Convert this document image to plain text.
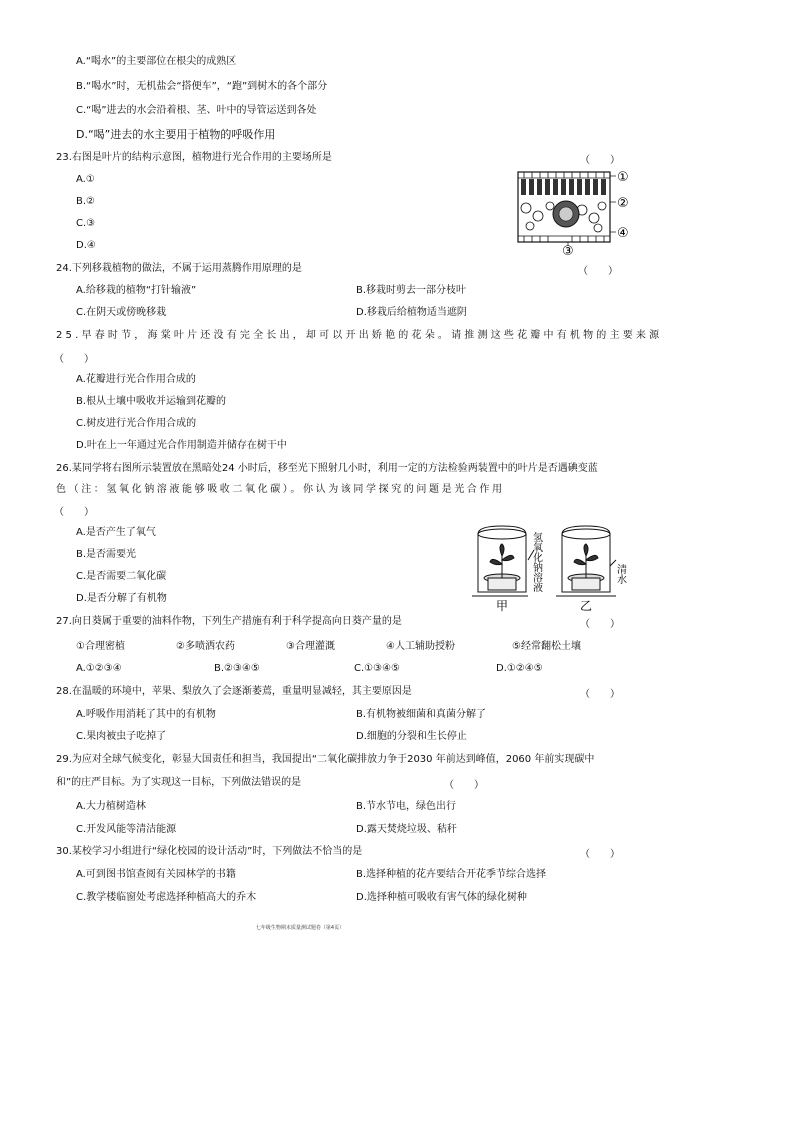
A.“喝水”的主要部位在根尖的成熟区
B.“喝水”时，无机盐会“搭便车”，“跑”到树木的各个部分
C.“喝”进去的水会沿着根、茎、叶中的导管运送到各处
D.“喝”进去的水主要用于植物的呼吸作用
23.右图是叶片的结构示意图，植物进行光合作用的主要场所是	（　　）
A.①
B.②
C.③
D.④
①
②
④
③
24.下列移栽植物的做法，不属于运用蒸腾作用原理的是	（　　）
A.给移栽的植物“打针输液”	B.移栽时剪去一部分枝叶
C.在阴天或傍晚移栽	D.移栽后给植物适当遮阴
25.早春时节，海棠叶片还没有完全长出，却可以开出娇艳的花朵。请推测这些花瓣中有机物的主要来源
（　　）
A.花瓣进行光合作用合成的
B.根从土壤中吸收并运输到花瓣的
C.树皮进行光合作用合成的
D.叶在上一年通过光合作用制造并储存在树干中
26.某同学将右图所示装置放在黑暗处24 小时后，移至光下照射几小时，利用一定的方法检验两装置中的叶片是否遇碘变蓝
色（注：氢氧化钠溶液能够吸收二氧化碳）。你认为该同学探究的问题是光合作用
（　　）
A.是否产生了氧气
B.是否需要光
C.是否需要二氧化碳
D.是否分解了有机物
甲	乙
氢氧化钠溶液	清水
27.向日葵属于重要的油料作物，下列生产措施有利于科学提高向日葵产量的是	（　　）
①合理密植	②多喷洒农药	③合理灌溉	④人工辅助授粉	⑤经常翻松土壤
A.①②③④	B.②③④⑤	C.①③④⑤	D.①②④⑤
28.在温暖的环境中，苹果、梨放久了会逐渐萎蔫，重量明显减轻，其主要原因是	（　　）
A.呼吸作用消耗了其中的有机物	B.有机物被细菌和真菌分解了
C.果肉被虫子吃掉了	D.细胞的分裂和生长停止
29.为应对全球气候变化，彰显大国责任和担当，我国提出“二氧化碳排放力争于2030 年前达到峰值，2060 年前实现碳中
和”的庄严目标。为了实现这一目标，下列做法错误的是	（　　）
A.大力植树造林	B.节水节电，绿色出行
C.开发风能等清洁能源	D.露天焚烧垃圾、秸秆
30.某校学习小组进行“绿化校园的设计活动”时，下列做法不恰当的是	（　　）
A.可到图书馆查阅有关园林学的书籍	B.选择种植的花卉要结合开花季节综合选择
C.教学楼临窗处考虑选择种植高大的乔木	D.选择种植可吸收有害气体的绿化树种
七年级生物期末质量测试题卷（第4页）
